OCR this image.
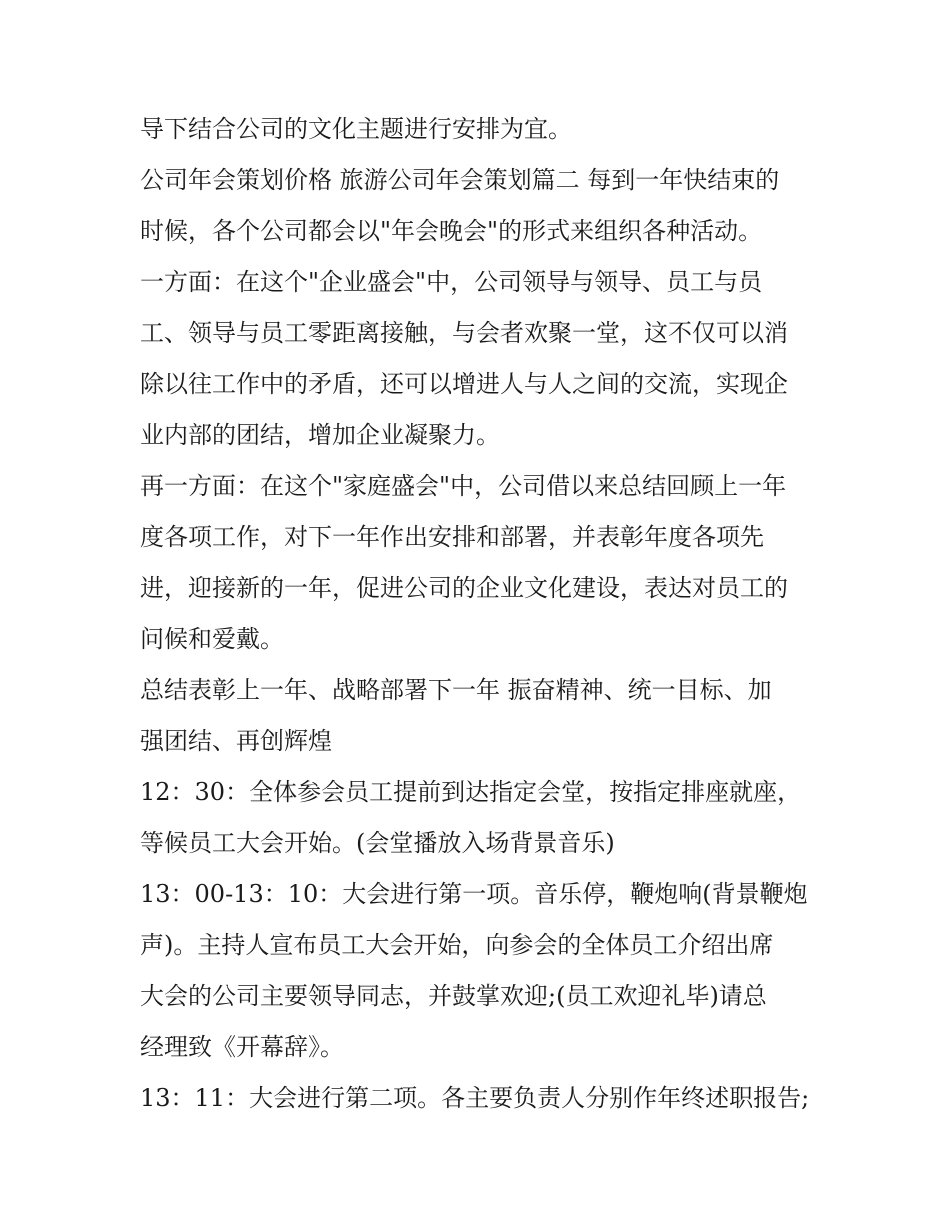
导下结合公司的文化主题进行安排为宜。
公司年会策划价格 旅游公司年会策划篇二 每到一年快结束的
时候，各个公司都会以"年会晚会"的形式来组织各种活动。
一方面：在这个"企业盛会"中，公司领导与领导、员工与员
工、领导与员工零距离接触，与会者欢聚一堂，这不仅可以消
除以往工作中的矛盾，还可以增进人与人之间的交流，实现企
业内部的团结，增加企业凝聚力。
再一方面：在这个"家庭盛会"中，公司借以来总结回顾上一年
度各项工作，对下一年作出安排和部署，并表彰年度各项先
进，迎接新的一年，促进公司的企业文化建设，表达对员工的
问候和爱戴。
总结表彰上一年、战略部署下一年 振奋精神、统一目标、加
强团结、再创辉煌
12：30：全体参会员工提前到达指定会堂，按指定排座就座，
等候员工大会开始。(会堂播放入场背景音乐)
13：00-13：10：大会进行第一项。音乐停，鞭炮响(背景鞭炮
声)。主持人宣布员工大会开始，向参会的全体员工介绍出席
大会的公司主要领导同志，并鼓掌欢迎;(员工欢迎礼毕)请总
经理致《开幕辞》。
13：11：大会进行第二项。各主要负责人分别作年终述职报告;
